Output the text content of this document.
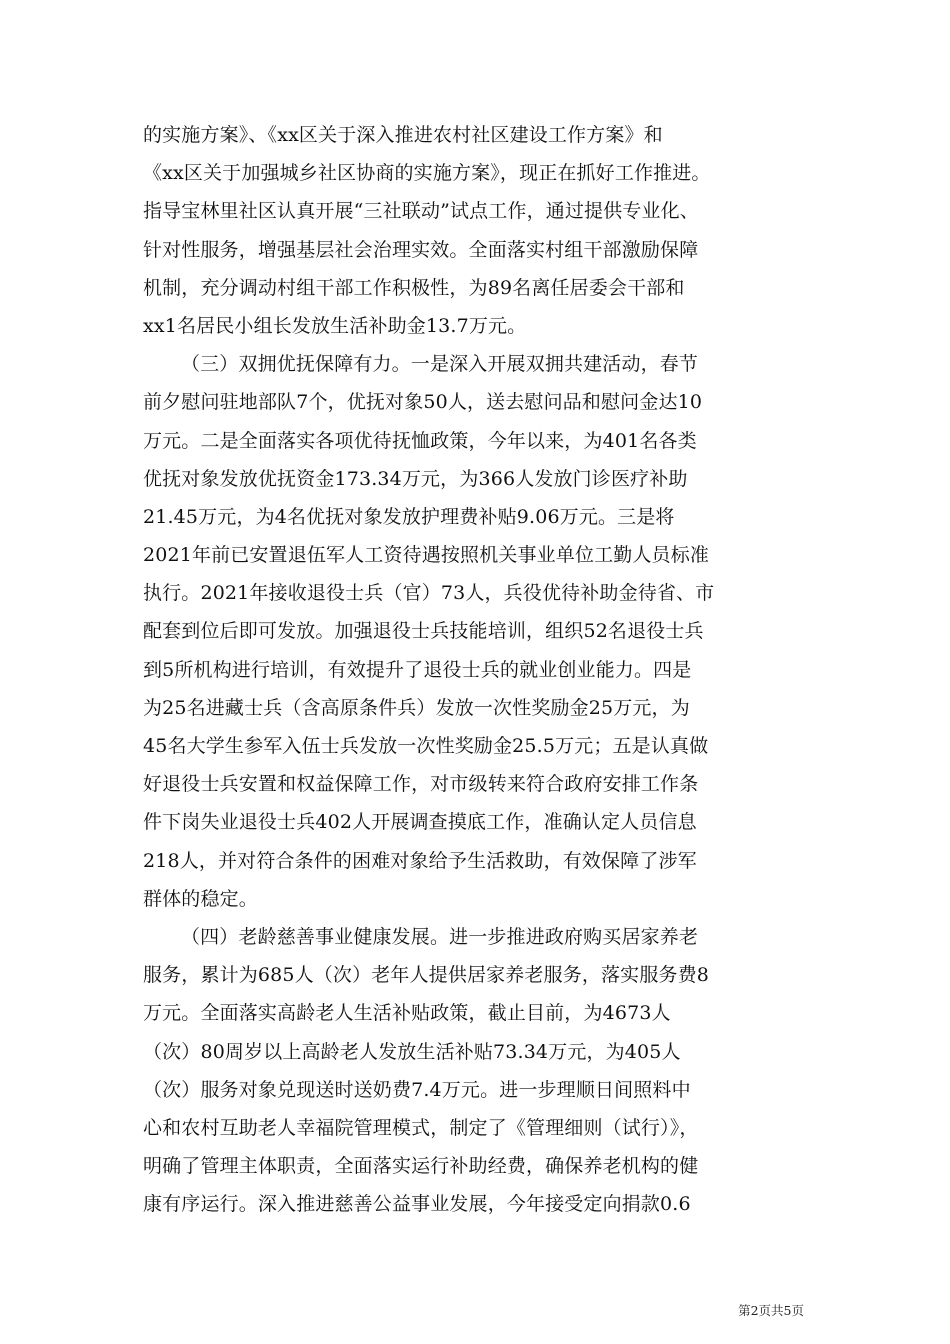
的实施方案》、《xx区关于深入推进农村社区建设工作方案》和
《xx区关于加强城乡社区协商的实施方案》，现正在抓好工作推进。
指导宝林里社区认真开展“三社联动”试点工作，通过提供专业化、
针对性服务，增强基层社会治理实效。全面落实村组干部激励保障
机制，充分调动村组干部工作积极性，为89名离任居委会干部和
xx1名居民小组长发放生活补助金13.7万元。
（三）双拥优抚保障有力。一是深入开展双拥共建活动，春节
前夕慰问驻地部队7个，优抚对象50人，送去慰问品和慰问金达10
万元。二是全面落实各项优待抚恤政策，今年以来，为401名各类
优抚对象发放优抚资金173.34万元，为366人发放门诊医疗补助
21.45万元，为4名优抚对象发放护理费补贴9.06万元。三是将
2021年前已安置退伍军人工资待遇按照机关事业单位工勤人员标准
执行。2021年接收退役士兵（官）73人，兵役优待补助金待省、市
配套到位后即可发放。加强退役士兵技能培训，组织52名退役士兵
到5所机构进行培训，有效提升了退役士兵的就业创业能力。四是
为25名进藏士兵（含高原条件兵）发放一次性奖励金25万元，为
45名大学生参军入伍士兵发放一次性奖励金25.5万元；五是认真做
好退役士兵安置和权益保障工作，对市级转来符合政府安排工作条
件下岗失业退役士兵402人开展调查摸底工作，准确认定人员信息
218人，并对符合条件的困难对象给予生活救助，有效保障了涉军
群体的稳定。
（四）老龄慈善事业健康发展。进一步推进政府购买居家养老
服务，累计为685人（次）老年人提供居家养老服务，落实服务费8
万元。全面落实高龄老人生活补贴政策，截止目前，为4673人
（次）80周岁以上高龄老人发放生活补贴73.34万元，为405人
（次）服务对象兑现送时送奶费7.4万元。进一步理顺日间照料中
心和农村互助老人幸福院管理模式，制定了《管理细则（试行）》，
明确了管理主体职责，全面落实运行补助经费，确保养老机构的健
康有序运行。深入推进慈善公益事业发展，今年接受定向捐款0.6
第2页共5页
